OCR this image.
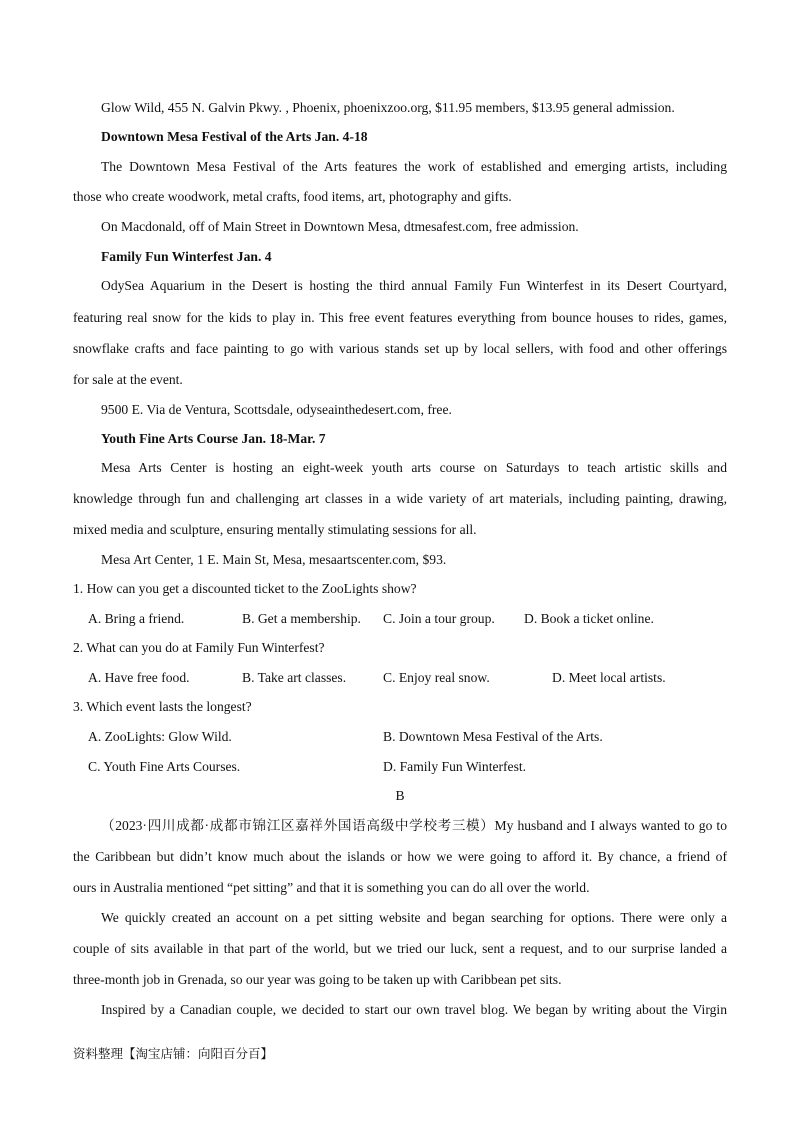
Glow Wild, 455 N. Galvin Pkwy. , Phoenix, phoenixzoo.org, $11.95 members, $13.95 general admission.
Downtown Mesa Festival of the Arts Jan. 4-18
The Downtown Mesa Festival of the Arts features the work of established and emerging artists, including
those who create woodwork, metal crafts, food items, art, photography and gifts.
On Macdonald, off of Main Street in Downtown Mesa, dtmesafest.com, free admission.
Family Fun Winterfest Jan. 4
OdySea Aquarium in the Desert is hosting the third annual Family Fun Winterfest in its Desert Courtyard,
featuring real snow for the kids to play in. This free event features everything from bounce houses to rides, games,
snowflake crafts and face painting to go with various stands set up by local sellers, with food and other offerings
for sale at the event.
9500 E. Via de Ventura, Scottsdale, odyseainthedesert.com, free.
Youth Fine Arts Course Jan. 18-Mar. 7
Mesa Arts Center is hosting an eight-week youth arts course on Saturdays to teach artistic skills and
knowledge through fun and challenging art classes in a wide variety of art materials, including painting, drawing,
mixed media and sculpture, ensuring mentally stimulating sessions for all.
Mesa Art Center, 1 E. Main St, Mesa, mesaartscenter.com, $93.
1. How can you get a discounted ticket to the ZooLights show?
A. Bring a friend.	B. Get a membership. C. Join a tour group. D. Book a ticket online.
2. What can you do at Family Fun Winterfest?
A. Have free food.	B. Take art classes.	C. Enjoy real snow.	D. Meet local artists.
3. Which event lasts the longest?
A. ZooLights: Glow Wild.	B. Downtown Mesa Festival of the Arts.
C. Youth Fine Arts Courses.	D. Family Fun Winterfest.
B
（2023·四川成都·成都市锦江区嘉祥外国语高级中学校考三模）My husband and I always wanted to go to
the Caribbean but didn’t know much about the islands or how we were going to afford it. By chance, a friend of
ours in Australia mentioned “pet sitting” and that it is something you can do all over the world.
We quickly created an account on a pet sitting website and began searching for options. There were only a
couple of sits available in that part of the world, but we tried our luck, sent a request, and to our surprise landed a
three-month job in Grenada, so our year was going to be taken up with Caribbean pet sits.
Inspired by a Canadian couple, we decided to start our own travel blog. We began by writing about the Virgin
资料整理【淘宝店铺：向阳百分百】
